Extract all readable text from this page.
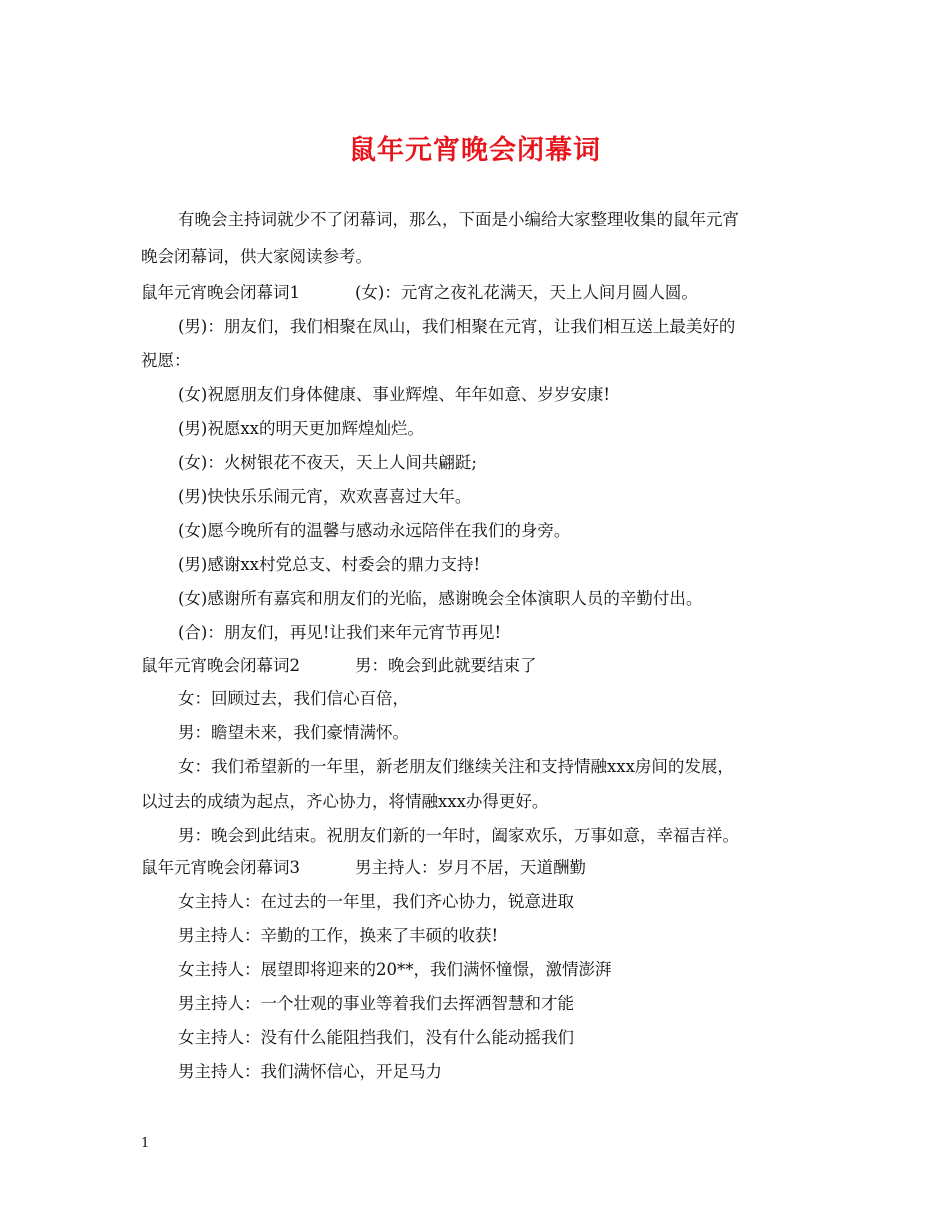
鼠年元宵晚会闭幕词
有晚会主持词就少不了闭幕词，那么，下面是小编给大家整理收集的鼠年元宵
晚会闭幕词，供大家阅读参考。
鼠年元宵晚会闭幕词1	(女)：元宵之夜礼花满天，天上人间月圆人圆。
(男)：朋友们，我们相聚在凤山，我们相聚在元宵，让我们相互送上最美好的
祝愿：
(女)祝愿朋友们身体健康、事业辉煌、年年如意、岁岁安康!
(男)祝愿xx的明天更加辉煌灿烂。
(女)：火树银花不夜天，天上人间共翩跹;
(男)快快乐乐闹元宵，欢欢喜喜过大年。
(女)愿今晚所有的温馨与感动永远陪伴在我们的身旁。
(男)感谢xx村党总支、村委会的鼎力支持!
(女)感谢所有嘉宾和朋友们的光临，感谢晚会全体演职人员的辛勤付出。
(合)：朋友们，再见!让我们来年元宵节再见!
鼠年元宵晚会闭幕词2	男：晚会到此就要结束了
女：回顾过去，我们信心百倍，
男：瞻望未来，我们豪情满怀。
女：我们希望新的一年里，新老朋友们继续关注和支持情融xxx房间的发展，
以过去的成绩为起点，齐心协力，将情融xxx办得更好。
男：晚会到此结束。祝朋友们新的一年时，阖家欢乐，万事如意，幸福吉祥。
鼠年元宵晚会闭幕词3	男主持人：岁月不居，天道酬勤
女主持人：在过去的一年里，我们齐心协力，锐意进取
男主持人：辛勤的工作，换来了丰硕的收获!
女主持人：展望即将迎来的20**，我们满怀憧憬，激情澎湃
男主持人：一个壮观的事业等着我们去挥洒智慧和才能
女主持人：没有什么能阻挡我们，没有什么能动摇我们
男主持人：我们满怀信心，开足马力
1
